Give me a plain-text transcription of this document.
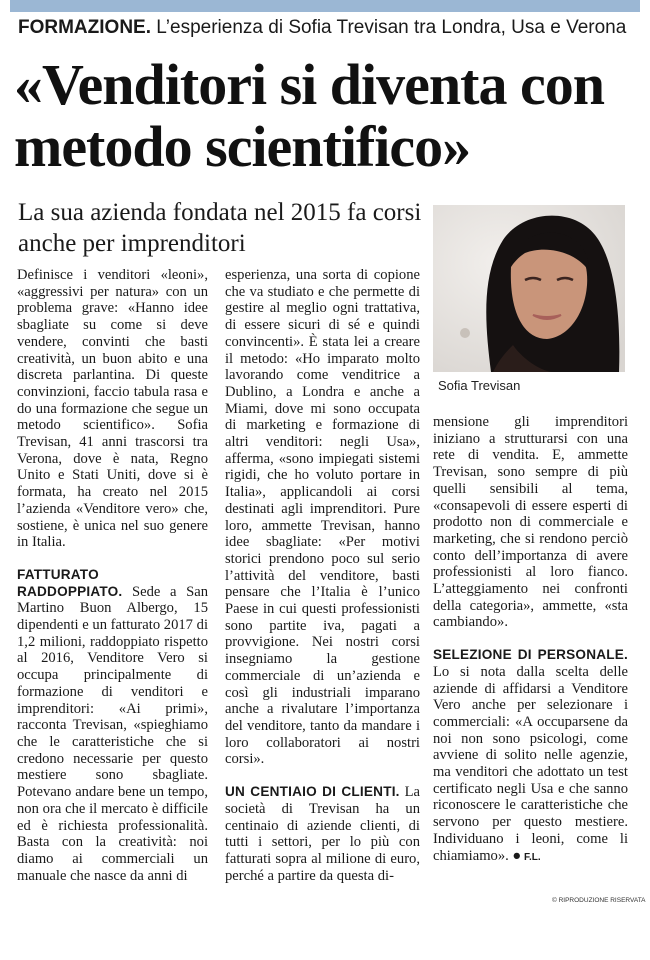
FORMAZIONE. L’esperienza di Sofia Trevisan tra Londra, Usa e Verona
«Venditori si diventa con metodo scientifico»
La sua azienda fondata nel 2015 fa corsi anche per imprenditori
Sofia Trevisan

Definisce i venditori «leoni», «aggressivi per natura» con un problema grave: «Hanno idee sbagliate su come si deve vendere, convinti che basti creatività, un buon abito e una discreta parlantina. Di queste convinzioni, faccio tabula rasa e do una formazione che segue un metodo scientifico». Sofia Trevisan, 41 anni trascorsi tra Verona, dove è nata, Regno Unito e Stati Uniti, dove si è formata, ha creato nel 2015 l’azienda «Venditore vero» che, sostiene, è unica nel suo genere in Italia.

FATTURATO RADDOPPIATO. Sede a San Martino Buon Albergo, 15 dipendenti e un fatturato 2017 di 1,2 milioni, raddoppiato rispetto al 2016, Venditore Vero si occupa principalmente di formazione di venditori e imprenditori: «Ai primi», racconta Trevisan, «spieghiamo che le caratteristiche che si credono necessarie per questo mestiere sono sbagliate. Potevano andare bene un tempo, non ora che il mercato è difficile ed è richiesta professionalità. Basta con la creatività: noi diamo ai commerciali un manuale che nasce da anni di

esperienza, una sorta di copione che va studiato e che permette di gestire al meglio ogni trattativa, di essere sicuri di sé e quindi convincenti». È stata lei a creare il metodo: «Ho imparato molto lavorando come venditrice a Dublino, a Londra e anche a Miami, dove mi sono occupata di marketing e formazione di altri venditori: negli Usa», afferma, «sono impiegati sistemi rigidi, che ho voluto portare in Italia», applicandoli ai corsi destinati agli imprenditori. Pure loro, ammette Trevisan, hanno idee sbagliate: «Per motivi storici prendono poco sul serio l’attività del venditore, basti pensare che l’Italia è l’unico Paese in cui questi professionisti sono partite iva, pagati a provvigione. Nei nostri corsi insegniamo la gestione commerciale di un’azienda e così gli industriali imparano anche a rivalutare l’importanza del venditore, tanto da mandare i loro collaboratori ai nostri corsi».

UN CENTIAIO DI CLIENTI. La società di Trevisan ha un centinaio di aziende clienti, di tutti i settori, per lo più con fatturati sopra al milione di euro, perché a partire da questa di-

mensione gli imprenditori iniziano a strutturarsi con una rete di vendita. E, ammette Trevisan, sono sempre di più quelli sensibili al tema, «consapevoli di essere esperti di prodotto non di commerciale e marketing, che si rendono perciò conto dell’importanza di avere professionisti al loro fianco. L’atteggiamento nei confronti della categoria», ammette, «sta cambiando».

SELEZIONE DI PERSONALE. Lo si nota dalla scelta delle aziende di affidarsi a Venditore Vero anche per selezionare i commerciali: «A occuparsene da noi non sono psicologi, come avviene di solito nelle agenzie, ma venditori che adottato un test certificato negli Usa e che sanno riconoscere le caratteristiche che servono per questo mestiere. Individuano i leoni, come li chiamiamo». ● F.L.

© RIPRODUZIONE RISERVATA
